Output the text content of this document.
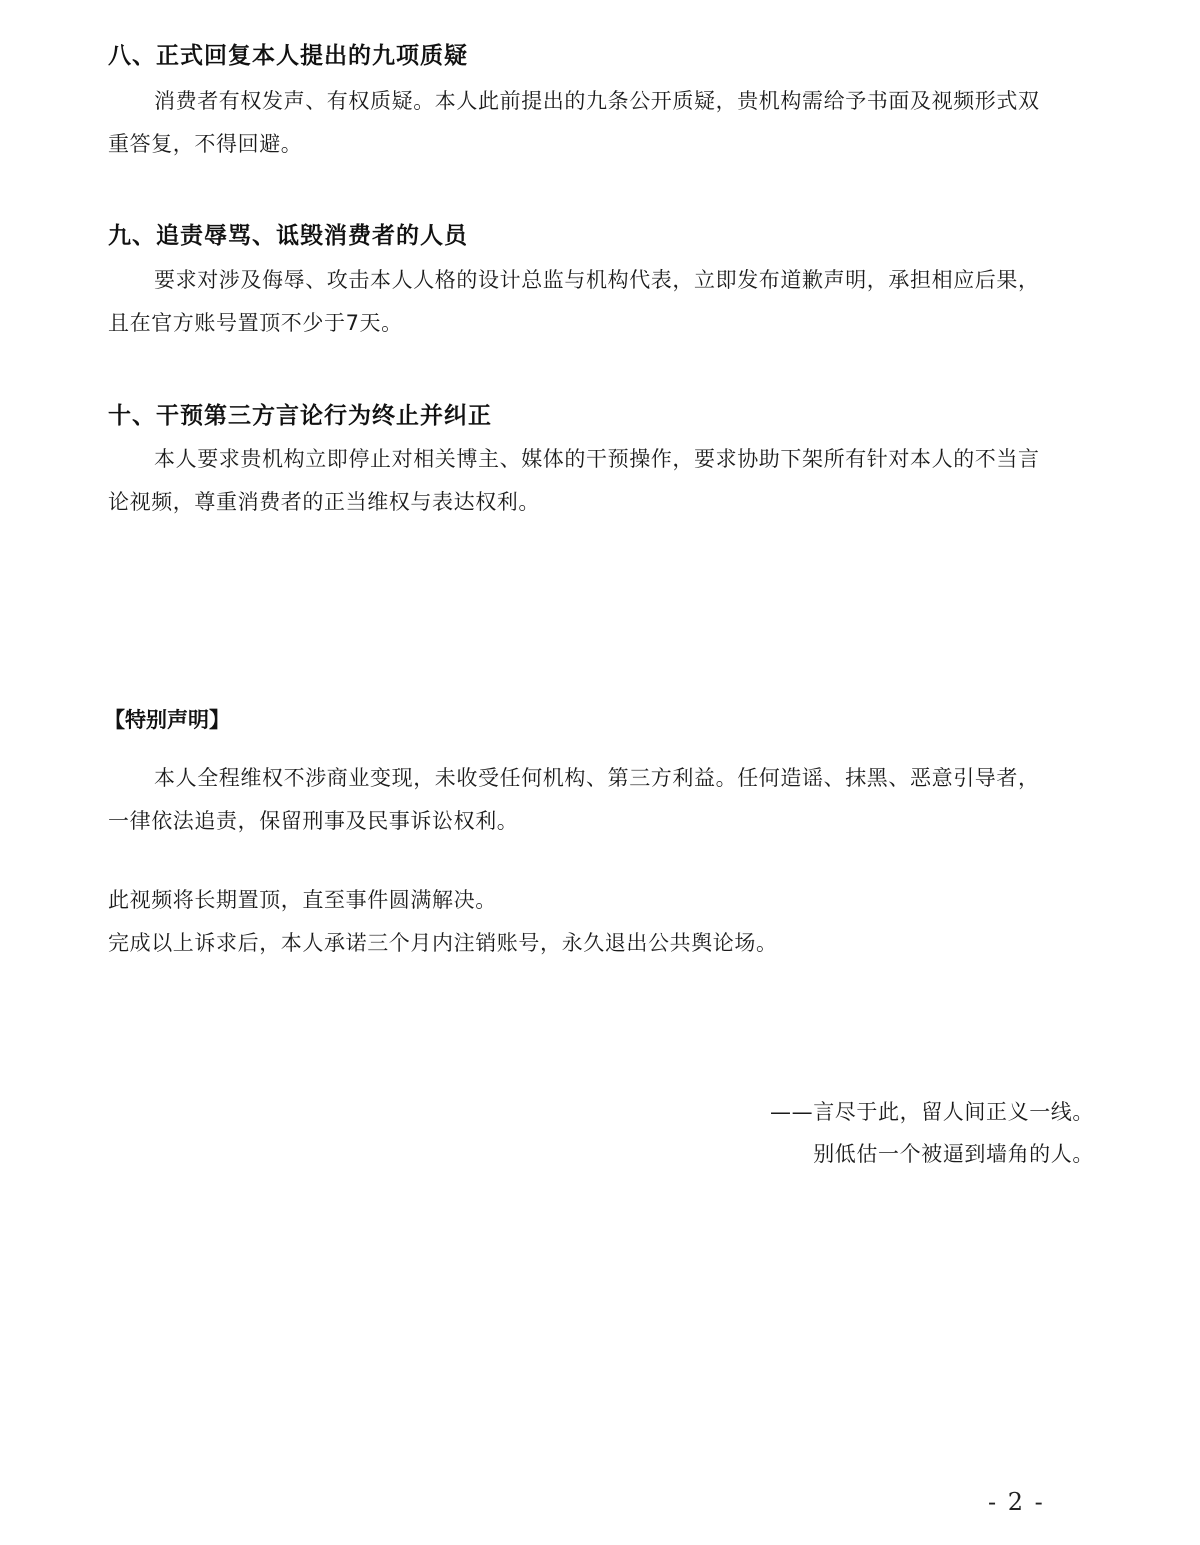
八、正式回复本人提出的九项质疑
消费者有权发声、有权质疑。本人此前提出的九条公开质疑，贵机构需给予书面及视频形式双
重答复，不得回避。
九、追责辱骂、诋毁消费者的人员
要求对涉及侮辱、攻击本人人格的设计总监与机构代表，立即发布道歉声明，承担相应后果，
且在官方账号置顶不少于7天。
十、干预第三方言论行为终止并纠正
本人要求贵机构立即停止对相关博主、媒体的干预操作，要求协助下架所有针对本人的不当言
论视频，尊重消费者的正当维权与表达权利。
【特别声明】
本人全程维权不涉商业变现，未收受任何机构、第三方利益。任何造谣、抹黑、恶意引导者，
一律依法追责，保留刑事及民事诉讼权利。
此视频将长期置顶，直至事件圆满解决。
完成以上诉求后，本人承诺三个月内注销账号，永久退出公共舆论场。
——言尽于此，留人间正义一线。
别低估一个被逼到墙角的人。
- 2 -
